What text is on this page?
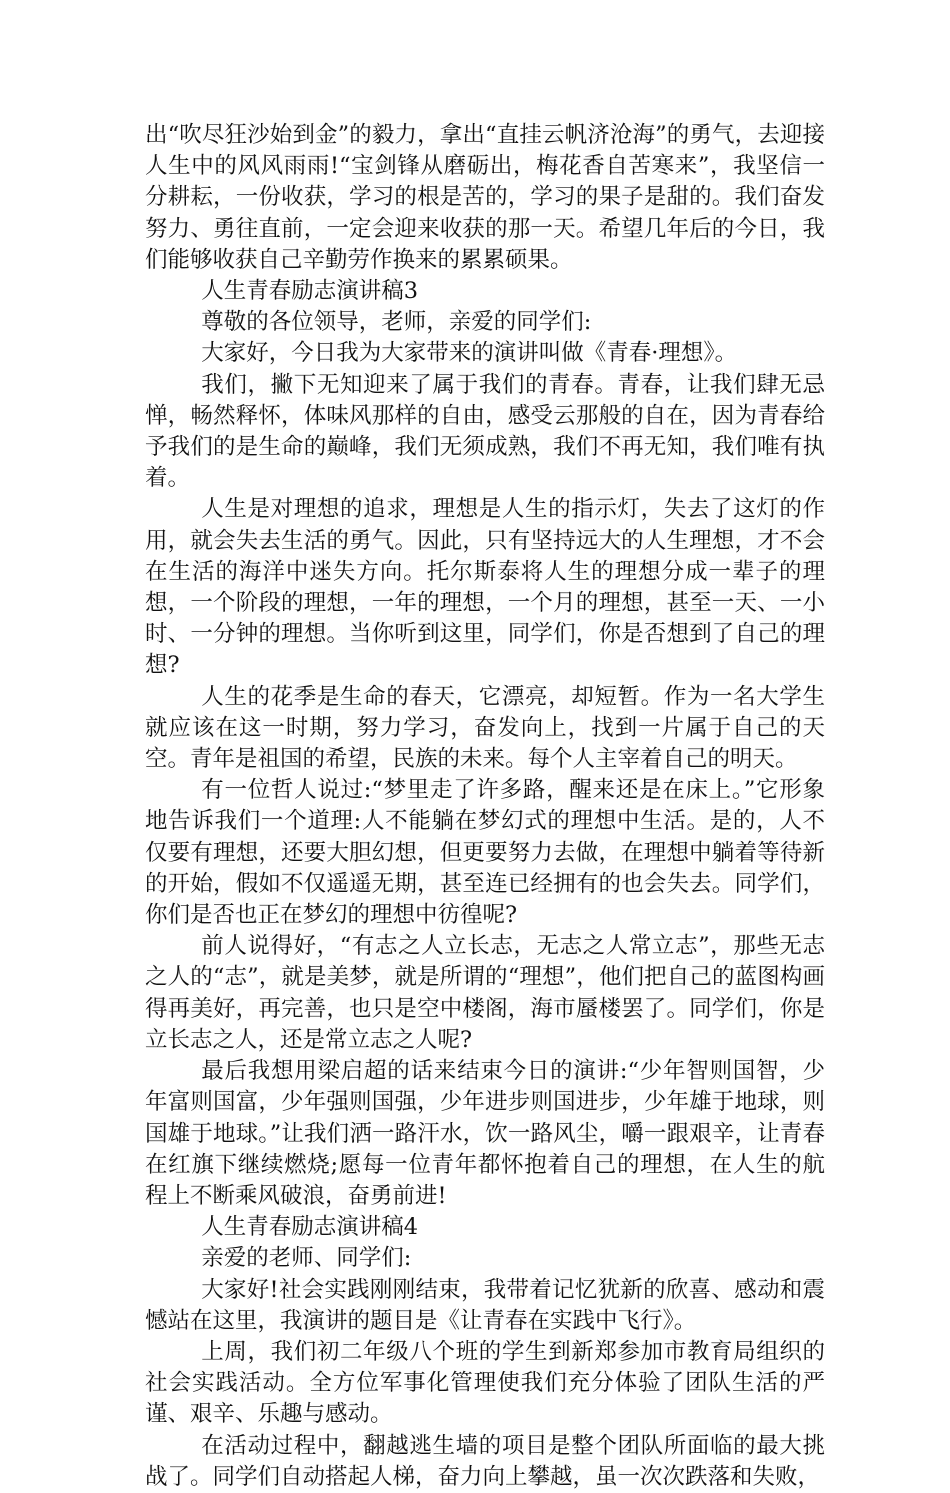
出“吹尽狂沙始到金”的毅力，拿出“直挂云帆济沧海”的勇气，去迎接人生中的风风雨雨!“宝剑锋从磨砺出，梅花香自苦寒来”，我坚信一分耕耘，一份收获，学习的根是苦的，学习的果子是甜的。我们奋发努力、勇往直前，一定会迎来收获的那一天。希望几年后的今日，我们能够收获自己辛勤劳作换来的累累硕果。

人生青春励志演讲稿3

尊敬的各位领导，老师，亲爱的同学们:

大家好，今日我为大家带来的演讲叫做《青春·理想》。

我们，撇下无知迎来了属于我们的青春。青春，让我们肆无忌惮，畅然释怀，体味风那样的自由，感受云那般的自在，因为青春给予我们的是生命的巅峰，我们无须成熟，我们不再无知，我们唯有执着。

人生是对理想的追求，理想是人生的指示灯，失去了这灯的作用，就会失去生活的勇气。因此，只有坚持远大的人生理想，才不会在生活的海洋中迷失方向。托尔斯泰将人生的理想分成一辈子的理想，一个阶段的理想，一年的理想，一个月的理想，甚至一天、一小时、一分钟的理想。当你听到这里，同学们，你是否想到了自己的理想?

人生的花季是生命的春天，它漂亮，却短暂。作为一名大学生就应该在这一时期，努力学习，奋发向上，找到一片属于自己的天空。青年是祖国的希望，民族的未来。每个人主宰着自己的明天。

有一位哲人说过:“梦里走了许多路，醒来还是在床上。”它形象地告诉我们一个道理:人不能躺在梦幻式的理想中生活。是的，人不仅要有理想，还要大胆幻想，但更要努力去做，在理想中躺着等待新的开始，假如不仅遥遥无期，甚至连已经拥有的也会失去。同学们，你们是否也正在梦幻的理想中彷徨呢?

前人说得好，“有志之人立长志，无志之人常立志”，那些无志之人的“志”，就是美梦，就是所谓的“理想”，他们把自己的蓝图构画得再美好，再完善，也只是空中楼阁，海市蜃楼罢了。同学们，你是立长志之人，还是常立志之人呢?

最后我想用梁启超的话来结束今日的演讲:“少年智则国智，少年富则国富，少年强则国强，少年进步则国进步，少年雄于地球，则国雄于地球。”让我们洒一路汗水，饮一路风尘，嚼一跟艰辛，让青春在红旗下继续燃烧;愿每一位青年都怀抱着自己的理想，在人生的航程上不断乘风破浪，奋勇前进!

人生青春励志演讲稿4

亲爱的老师、同学们:

大家好!社会实践刚刚结束，我带着记忆犹新的欣喜、感动和震憾站在这里，我演讲的题目是《让青春在实践中飞行》。

上周，我们初二年级八个班的学生到新郑参加市教育局组织的社会实践活动。全方位军事化管理使我们充分体验了团队生活的严谨、艰辛、乐趣与感动。

在活动过程中，翻越逃生墙的项目是整个团队所面临的最大挑战了。同学们自动搭起人梯，奋力向上攀越，虽一次次跌落和失败，
